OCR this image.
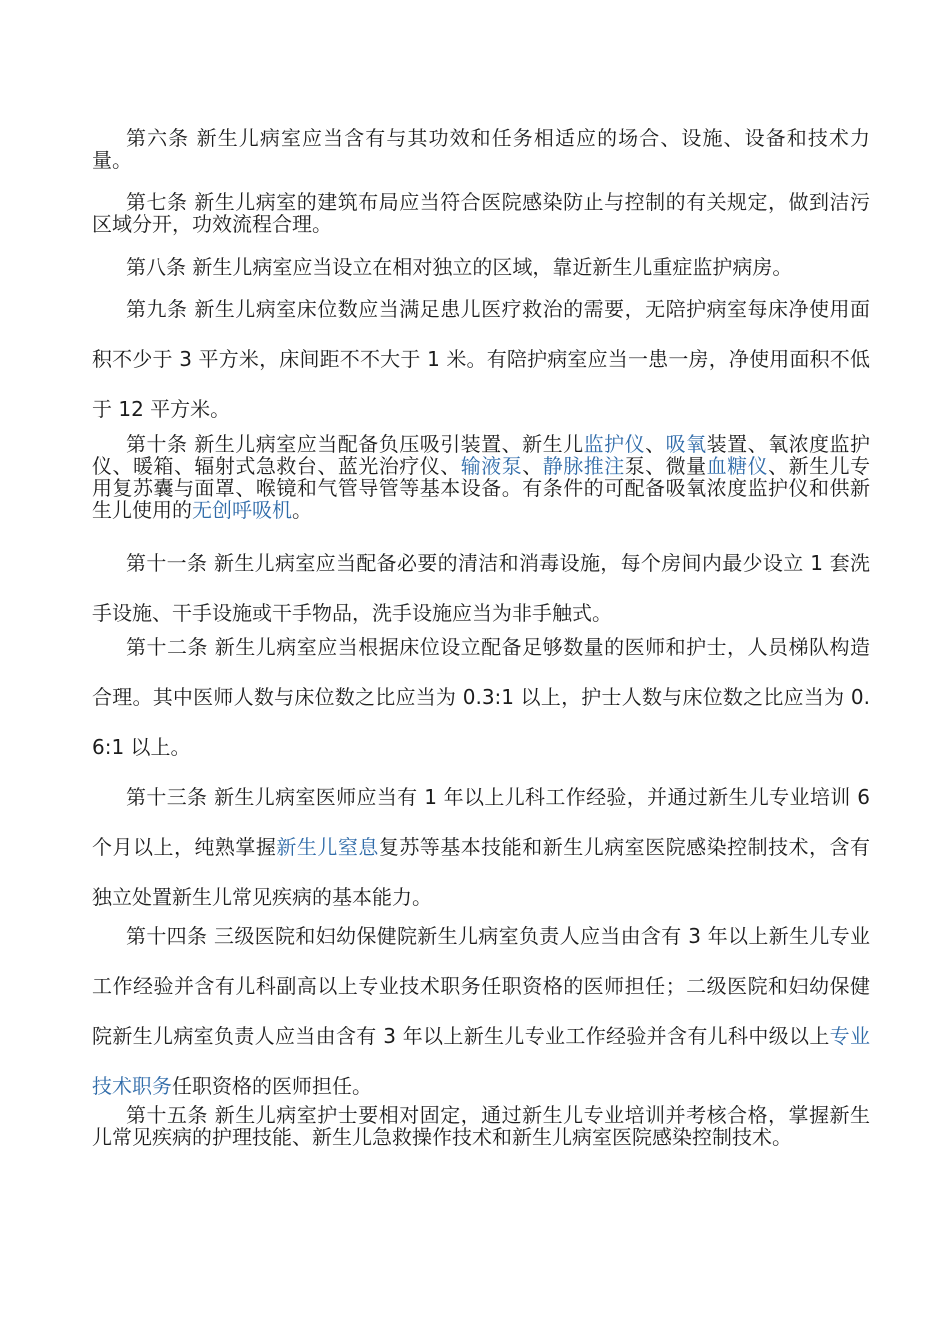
第六条 新生儿病室应当含有与其功效和任务相适应的场合、设施、设备和技术力量。

第七条 新生儿病室的建筑布局应当符合医院感染防止与控制的有关规定，做到洁污区域分开，功效流程合理。

第八条 新生儿病室应当设立在相对独立的区域，靠近新生儿重症监护病房。

第九条 新生儿病室床位数应当满足患儿医疗救治的需要，无陪护病室每床净使用面积不少于 3 平方米，床间距不不大于 1 米。有陪护病室应当一患一房，净使用面积不低于 12 平方米。

第十条 新生儿病室应当配备负压吸引装置、新生儿监护仪、吸氧装置、氧浓度监护仪、暖箱、辐射式急救台、蓝光治疗仪、输液泵、静脉推注泵、微量血糖仪、新生儿专用复苏囊与面罩、喉镜和气管导管等基本设备。有条件的可配备吸氧浓度监护仪和供新生儿使用的无创呼吸机。

第十一条 新生儿病室应当配备必要的清洁和消毒设施，每个房间内最少设立 1 套洗手设施、干手设施或干手物品，洗手设施应当为非手触式。

第十二条 新生儿病室应当根据床位设立配备足够数量的医师和护士，人员梯队构造合理。其中医师人数与床位数之比应当为 0.3:1 以上，护士人数与床位数之比应当为 0.6:1 以上。

第十三条 新生儿病室医师应当有 1 年以上儿科工作经验，并通过新生儿专业培训 6 个月以上，纯熟掌握新生儿窒息复苏等基本技能和新生儿病室医院感染控制技术，含有独立处置新生儿常见疾病的基本能力。

第十四条 三级医院和妇幼保健院新生儿病室负责人应当由含有 3 年以上新生儿专业工作经验并含有儿科副高以上专业技术职务任职资格的医师担任；二级医院和妇幼保健院新生儿病室负责人应当由含有 3 年以上新生儿专业工作经验并含有儿科中级以上专业技术职务任职资格的医师担任。

第十五条 新生儿病室护士要相对固定，通过新生儿专业培训并考核合格，掌握新生儿常见疾病的护理技能、新生儿急救操作技术和新生儿病室医院感染控制技术。
